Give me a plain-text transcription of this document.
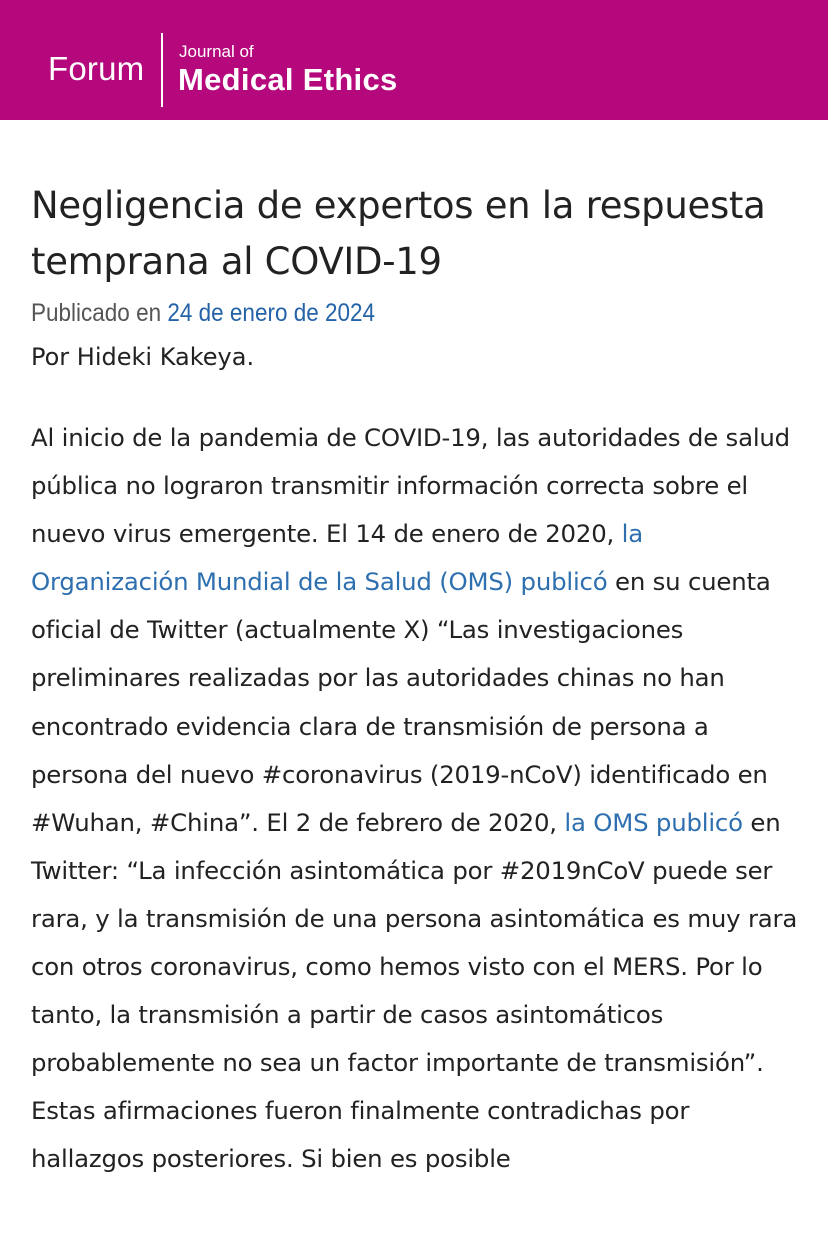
Forum Journal of
Medical Ethics
Negligencia de expertos en la respuesta temprana al COVID-19
Publicado en 24 de enero de 2024
Por Hideki Kakeya.

Al inicio de la pandemia de COVID-19, las autoridades de salud pública no lograron transmitir información correcta sobre el nuevo virus emergente. El 14 de enero de 2020, la Organización Mundial de la Salud (OMS) publicó en su cuenta oficial de Twitter (actualmente X) “Las investigaciones preliminares realizadas por las autoridades chinas no han encontrado evidencia clara de transmisión de persona a persona del nuevo #coronavirus (2019-nCoV) identificado en #Wuhan, #China”. El 2 de febrero de 2020, la OMS publicó en Twitter: “La infección asintomática por #2019nCoV puede ser rara, y la transmisión de una persona asintomática es muy rara con otros coronavirus, como hemos visto con el MERS. Por lo tanto, la transmisión a partir de casos asintomáticos probablemente no sea un factor importante de transmisión”. Estas afirmaciones fueron finalmente contradichas por hallazgos posteriores. Si bien es posible
